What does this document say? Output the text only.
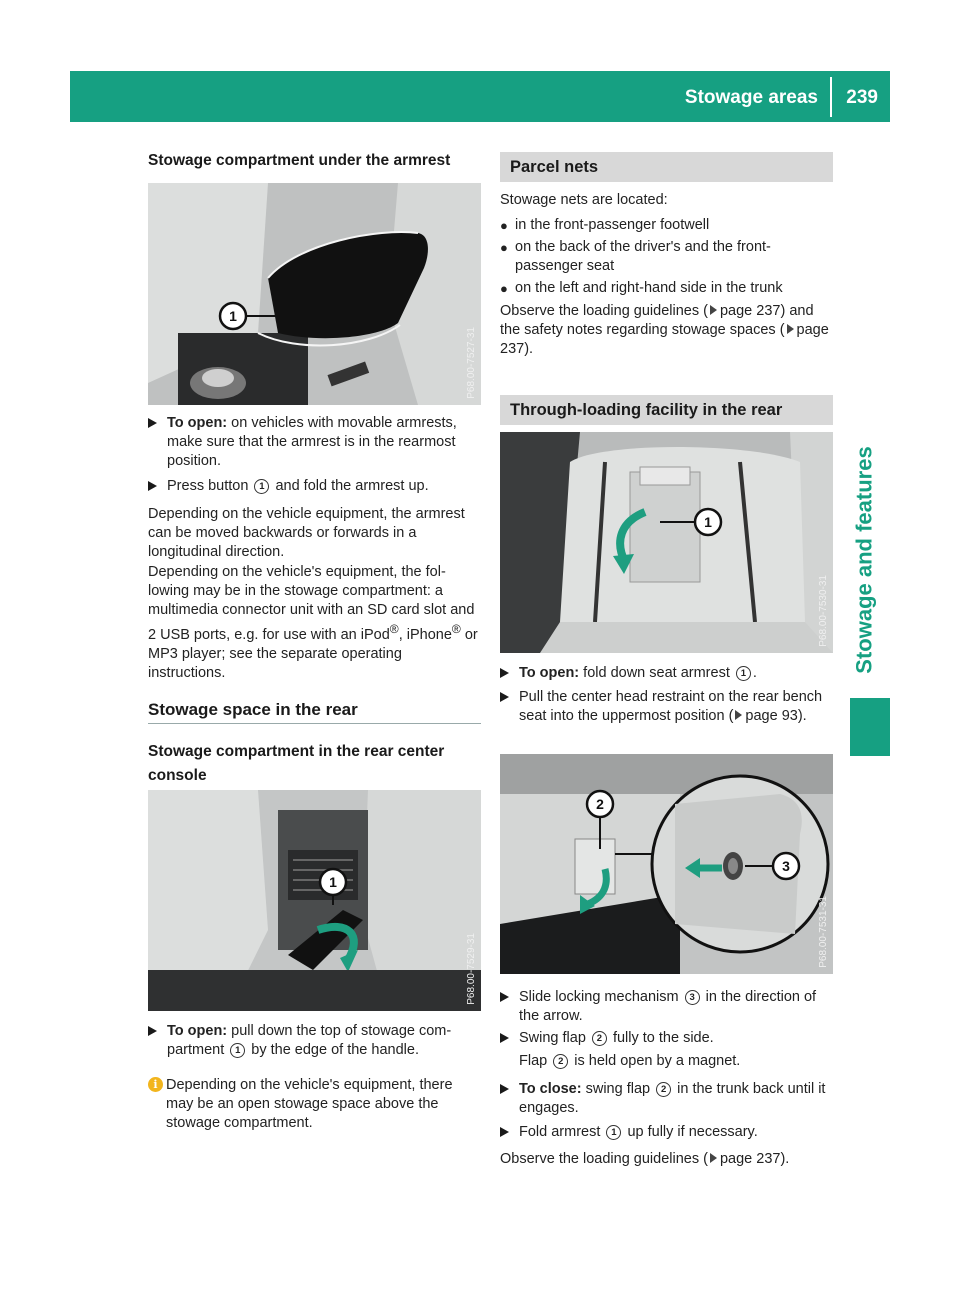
Stowage areas 239
Stowage and features
Stowage compartment under the armrest
1
P68.00-7527-31
To open: on vehicles with movable armrests, make sure that the armrest is in the rearmost position.
Press button 1 and fold the armrest up.
Depending on the vehicle equipment, the armrest can be moved backwards or forwards in a longitudinal direction.
Depending on the vehicle's equipment, the following may be in the stowage compartment: a multimedia connector unit with an SD card slot and 2 USB ports, e.g. for use with an iPod®, iPhone® or MP3 player; see the separate operating instructions.
Stowage space in the rear
Stowage compartment in the rear center console
1
P68.00-7529-31
To open: pull down the top of stowage compartment 1 by the edge of the handle.
i Depending on the vehicle's equipment, there may be an open stowage space above the stowage compartment.
Parcel nets
Stowage nets are located:
● in the front-passenger footwell
● on the back of the driver's and the front-passenger seat
● on the left and right-hand side in the trunk
Observe the loading guidelines ( page 237) and the safety notes regarding stowage spaces ( page 237).
Through-loading facility in the rear
1
P68.00-7530-31
To open: fold down seat armrest 1 .
Pull the center head restraint on the rear bench seat into the uppermost position ( page 93).
2
3
P68.00-7531-31
Slide locking mechanism 3 in the direction of the arrow.
Swing flap 2 fully to the side.
Flap 2 is held open by a magnet.
To close: swing flap 2 in the trunk back until it engages.
Fold armrest 1 up fully if necessary.
Observe the loading guidelines ( page 237).
